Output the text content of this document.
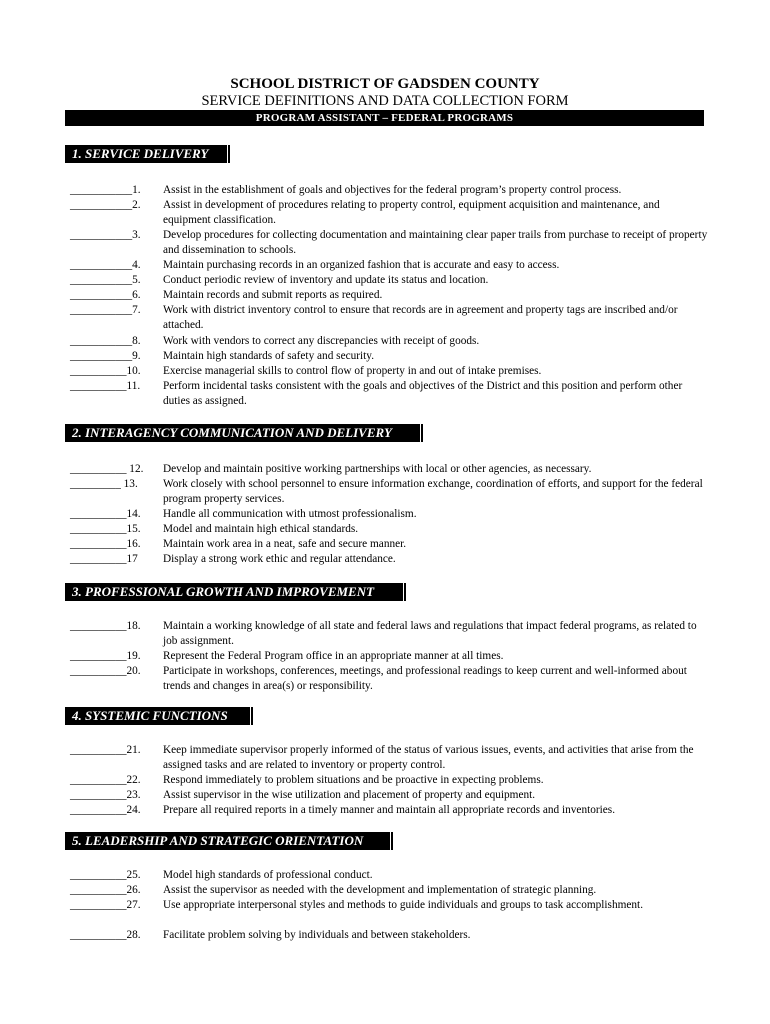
SCHOOL DISTRICT OF GADSDEN COUNTY
SERVICE DEFINITIONS AND DATA COLLECTION FORM
PROGRAM ASSISTANT – FEDERAL PROGRAMS
1. SERVICE DELIVERY
___________1. Assist in the establishment of goals and objectives for the federal program’s property control process.
___________2. Assist in development of procedures relating to property control, equipment acquisition and maintenance, and equipment classification.
___________3. Develop procedures for collecting documentation and maintaining clear paper trails from purchase to receipt of property and dissemination to schools.
___________4. Maintain purchasing records in an organized fashion that is accurate and easy to access.
___________5. Conduct periodic review of inventory and update its status and location.
___________6. Maintain records and submit reports as required.
___________7. Work with district inventory control to ensure that records are in agreement and property tags are inscribed and/or attached.
___________8. Work with vendors to correct any discrepancies with receipt of goods.
___________9. Maintain high standards of safety and security.
__________10. Exercise managerial skills to control flow of property in and out of intake premises.
__________11. Perform incidental tasks consistent with the goals and objectives of the District and this position and perform other duties as assigned.
2. INTERAGENCY COMMUNICATION AND DELIVERY
__________ 12. Develop and maintain positive working partnerships with local or other agencies, as necessary.
_________ 13. Work closely with school personnel to ensure information exchange, coordination of efforts, and support for the federal program property services.
__________14. Handle all communication with utmost professionalism.
__________15. Model and maintain high ethical standards.
__________16. Maintain work area in a neat, safe and secure manner.
__________17 Display a strong work ethic and regular attendance.
3. PROFESSIONAL GROWTH AND IMPROVEMENT
__________18. Maintain a working knowledge of all state and federal laws and regulations that impact federal programs, as related to job assignment.
__________19. Represent the Federal Program office in an appropriate manner at all times.
__________20. Participate in workshops, conferences, meetings, and professional readings to keep current and well-informed about trends and changes in area(s) or responsibility.
4. SYSTEMIC FUNCTIONS
__________21. Keep immediate supervisor properly informed of the status of various issues, events, and activities that arise from the assigned tasks and are related to inventory or property control.
__________22. Respond immediately to problem situations and be proactive in expecting problems.
__________23. Assist supervisor in the wise utilization and placement of property and equipment.
__________24. Prepare all required reports in a timely manner and maintain all appropriate records and inventories.
5. LEADERSHIP AND STRATEGIC ORIENTATION
__________25. Model high standards of professional conduct.
__________26. Assist the supervisor as needed with the development and implementation of strategic planning.
__________27. Use appropriate interpersonal styles and methods to guide individuals and groups to task accomplishment.
__________28. Facilitate problem solving by individuals and between stakeholders.
